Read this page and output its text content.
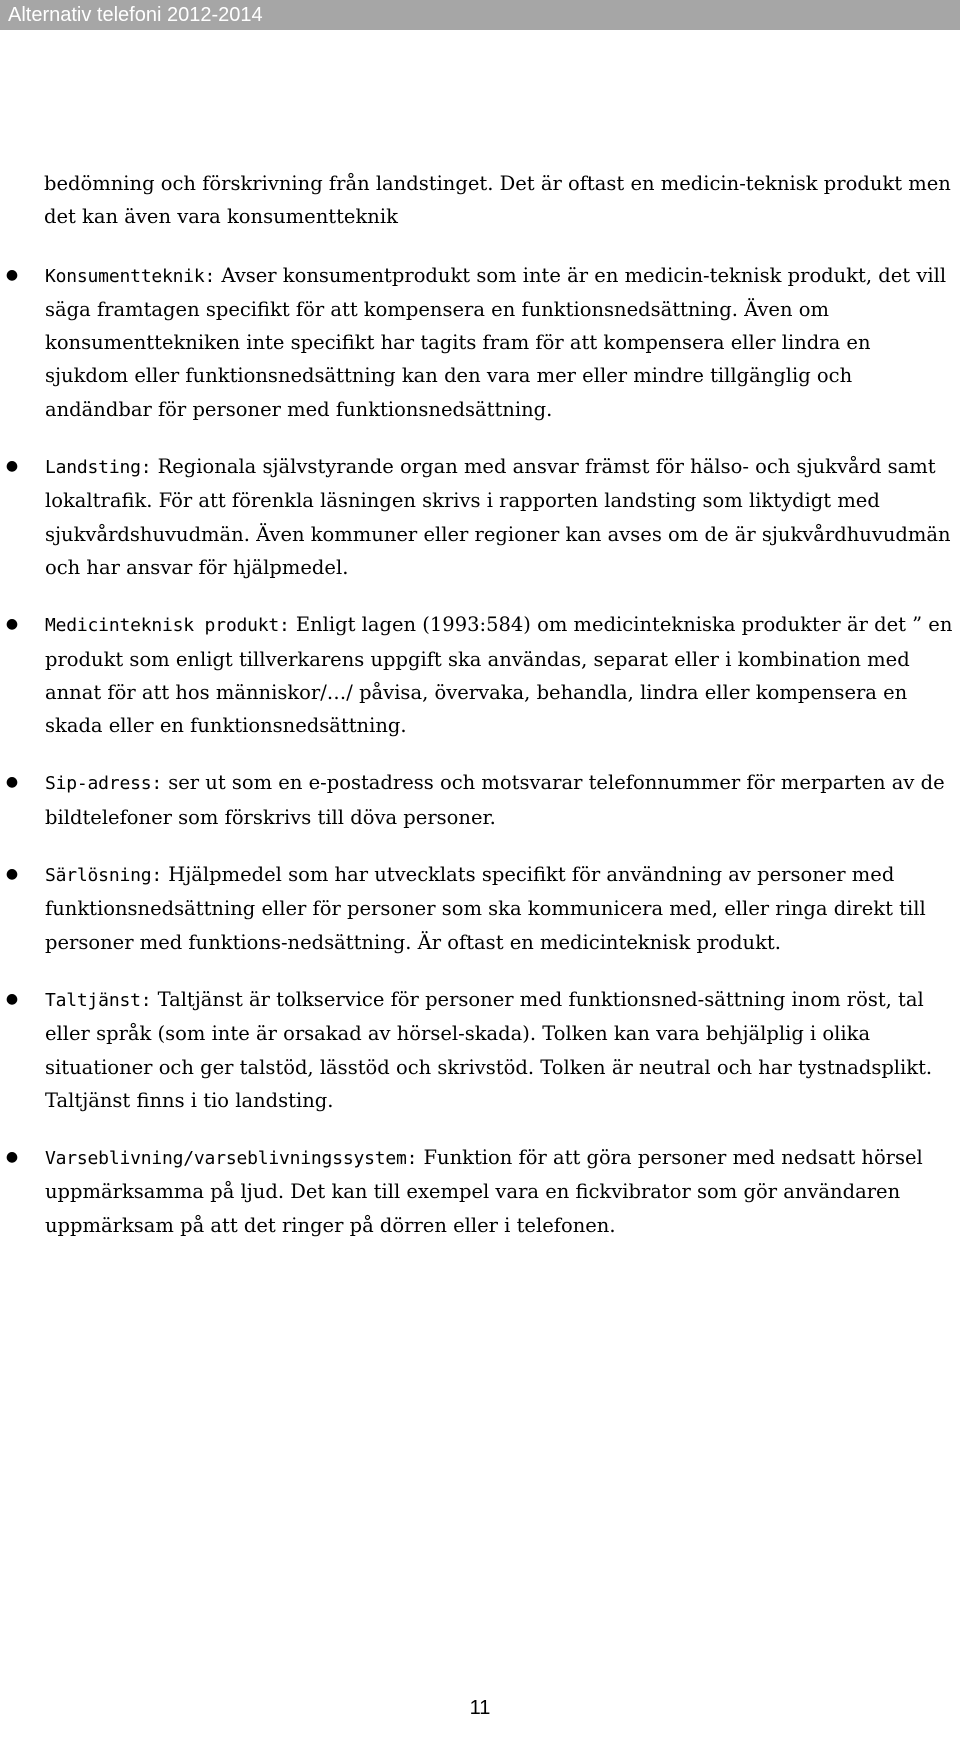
Alternativ telefoni 2012-2014

bedömning och förskrivning från landstinget. Det är oftast en medicin-teknisk produkt men det kan även vara konsumentteknik

● Konsumentteknik: Avser konsumentprodukt som inte är en medicin-teknisk produkt, det vill säga framtagen specifikt för att kompensera en funktionsnedsättning. Även om konsumenttekniken inte specifikt har tagits fram för att kompensera eller lindra en sjukdom eller funktionsnedsättning kan den vara mer eller mindre tillgänglig och andändbar för personer med funktionsnedsättning.
● Landsting: Regionala självstyrande organ med ansvar främst för hälso- och sjukvård samt lokaltrafik. För att förenkla läsningen skrivs i rapporten landsting som liktydigt med sjukvårdshuvudmän. Även kommuner eller regioner kan avses om de är sjukvårdhuvudmän och har ansvar för hjälpmedel.
● Medicinteknisk produkt: Enligt lagen (1993:584) om medicintekniska produkter är det ” en produkt som enligt tillverkarens uppgift ska användas, separat eller i kombination med annat för att hos människor/…/ påvisa, övervaka, behandla, lindra eller kompensera en skada eller en funktionsnedsättning.
● Sip-adress: ser ut som en e-postadress och motsvarar telefonnummer för merparten av de bildtelefoner som förskrivs till döva personer.
● Särlösning: Hjälpmedel som har utvecklats specifikt för användning av personer med funktionsnedsättning eller för personer som ska kommunicera med, eller ringa direkt till personer med funktions-nedsättning. Är oftast en medicinteknisk produkt.
● Taltjänst: Taltjänst är tolkservice för personer med funktionsned-sättning inom röst, tal eller språk (som inte är orsakad av hörsel-skada). Tolken kan vara behjälplig i olika situationer och ger talstöd, lässtöd och skrivstöd. Tolken är neutral och har tystnadsplikt. Taltjänst finns i tio landsting.
● Varseblivning/varseblivningssystem: Funktion för att göra personer med nedsatt hörsel uppmärksamma på ljud. Det kan till exempel vara en fickvibrator som gör användaren uppmärksam på att det ringer på dörren eller i telefonen.
11
